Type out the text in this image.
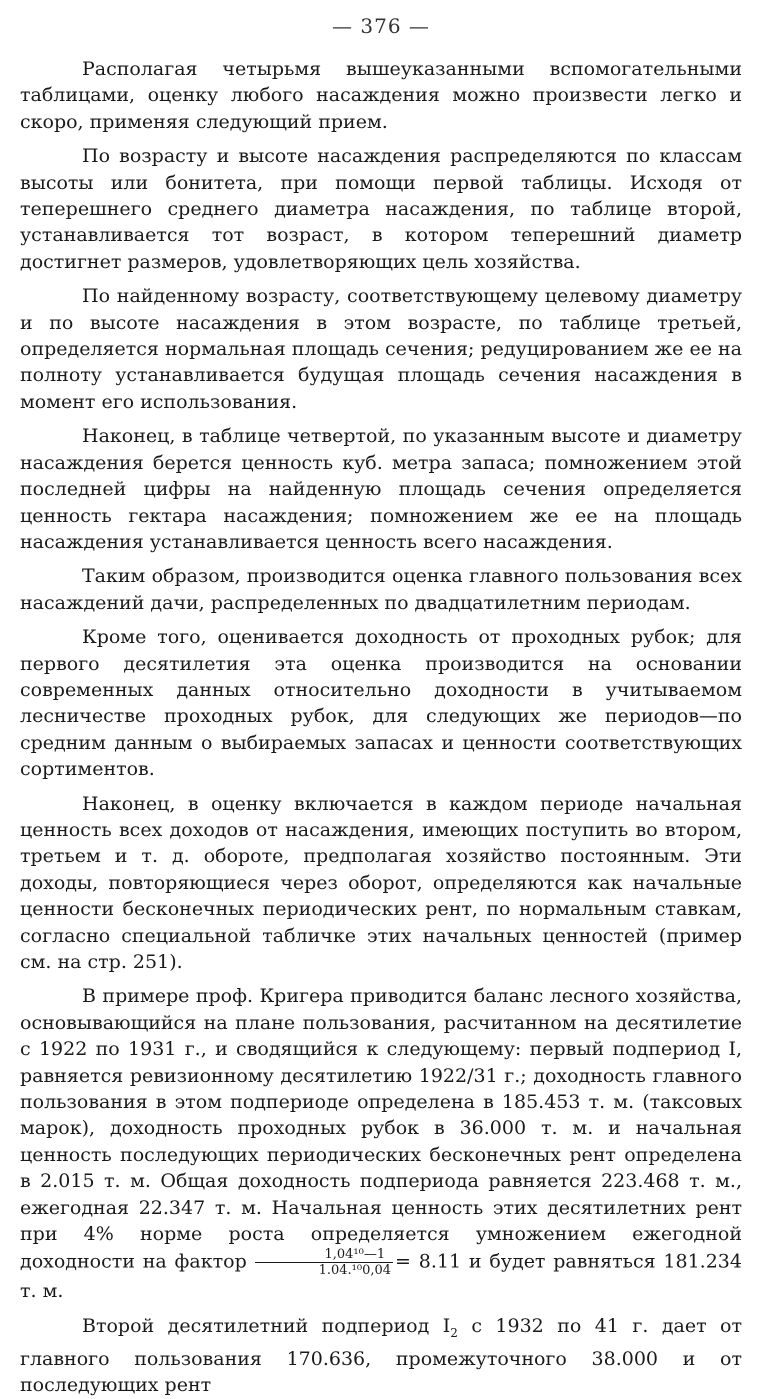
— 376 —

Располагая четырьмя вышеуказанными вспомогательными таблицами, оценку любого насаждения можно произвести легко и скоро, применяя следующий прием.

По возрасту и высоте насаждения распределяются по классам высоты или бонитета, при помощи первой таблицы. Исходя от теперешнего среднего диаметра насаждения, по таблице второй, устанавливается тот возраст, в котором теперешний диаметр достигнет размеров, удовлетворяющих цель хозяйства.

По найденному возрасту, соответствующему целевому диаметру и по высоте насаждения в этом возрасте, по таблице третьей, определяется нормальная площадь сечения; редуцированием же ее на полноту устанавливается будущая площадь сечения насаждения в момент его использования.

Наконец, в таблице четвертой, по указанным высоте и диаметру насаждения берется ценность куб. метра запаса; помножением этой последней цифры на найденную площадь сечения определяется ценность гектара насаждения; помножением же ее на площадь насаждения устанавливается ценность всего насаждения.

Таким образом, производится оценка главного пользования всех насаждений дачи, распределенных по двадцатилетним периодам.

Кроме того, оценивается доходность от проходных рубок; для первого десятилетия эта оценка производится на основании современных данных относительно доходности в учитываемом лесничестве проходных рубок, для следующих же периодов—по средним данным о выбираемых запасах и ценности соответствующих сортиментов.

Наконец, в оценку включается в каждом периоде начальная ценность всех доходов от насаждения, имеющих поступить во втором, третьем и т. д. обороте, предполагая хозяйство постоянным. Эти доходы, повторяющиеся через оборот, определяются как начальные ценности бесконечных периодических рент, по нормальным ставкам, согласно специальной табличке этих начальных ценностей (пример см. на стр. 251).

В примере проф. Кригера приводится баланс лесного хозяйства, основывающийся на плане пользования, расчитанном на десятилетие с 1922 по 1931 г., и сводящийся к следующему: первый подпериод I, равняется ревизионному десятилетию 1922/31 г.; доходность главного пользования в этом подпериоде определена в 185.453 т. м. (таксовых марок), доходность проходных рубок в 36.000 т. м. и начальная ценность последующих периодических бесконечных рент определена в 2.015 т. м. Общая доходность подпериода равняется 223.468 т. м., ежегодная 22.347 т. м. Начальная ценность этих десятилетних рент при 4% норме роста определяется умножением ежегодной доходности на фактор $\frac{\text{1,04¹⁰—1}}{\text{1.04.¹⁰0,04}} = 8.11$ и будет равняться 181.234 т. м.

Второй десятилетний подпериод $I_2$ с 1932 по 41 г. дает от главного пользования 170.636, промежуточного 38.000 и от последующих рент
